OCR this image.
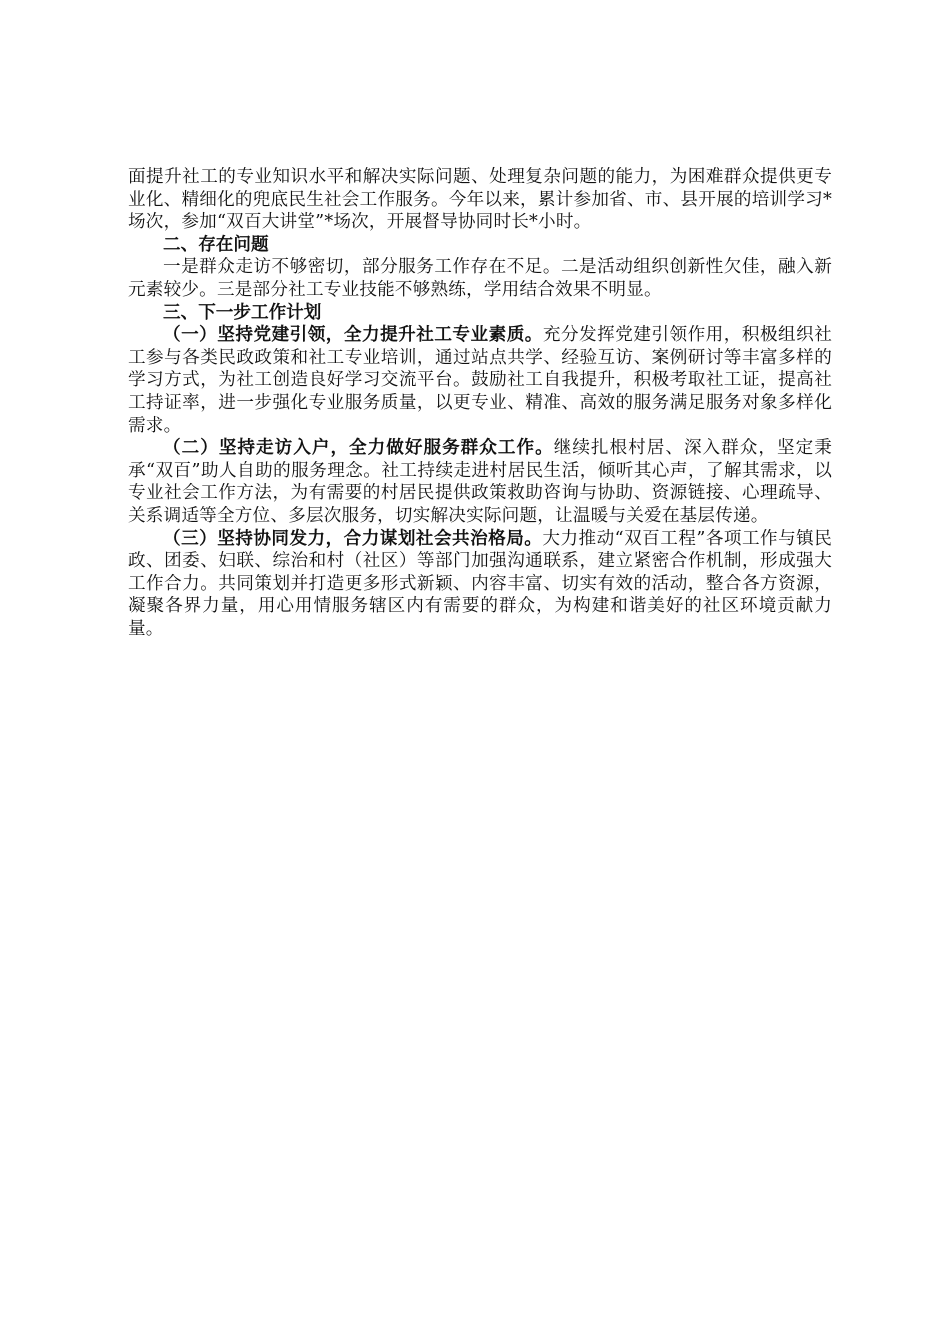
面提升社工的专业知识水平和解决实际问题、处理复杂问题的能力，为困难群众提供更专业化、精细化的兜底民生社会工作服务。今年以来，累计参加省、市、县开展的培训学习*场次，参加“双百大讲堂”*场次，开展督导协同时长*小时。

二、存在问题

一是群众走访不够密切，部分服务工作存在不足。二是活动组织创新性欠佳，融入新元素较少。三是部分社工专业技能不够熟练，学用结合效果不明显。

三、下一步工作计划

（一）坚持党建引领，全力提升社工专业素质。充分发挥党建引领作用，积极组织社工参与各类民政政策和社工专业培训，通过站点共学、经验互访、案例研讨等丰富多样的学习方式，为社工创造良好学习交流平台。鼓励社工自我提升，积极考取社工证，提高社工持证率，进一步强化专业服务质量，以更专业、精准、高效的服务满足服务对象多样化需求。

（二）坚持走访入户，全力做好服务群众工作。继续扎根村居、深入群众，坚定秉承“双百”助人自助的服务理念。社工持续走进村居民生活，倾听其心声，了解其需求，以专业社会工作方法，为有需要的村居民提供政策救助咨询与协助、资源链接、心理疏导、关系调适等全方位、多层次服务，切实解决实际问题，让温暖与关爱在基层传递。

（三）坚持协同发力，合力谋划社会共治格局。大力推动“双百工程”各项工作与镇民政、团委、妇联、综治和村（社区）等部门加强沟通联系，建立紧密合作机制，形成强大工作合力。共同策划并打造更多形式新颖、内容丰富、切实有效的活动，整合各方资源，凝聚各界力量，用心用情服务辖区内有需要的群众，为构建和谐美好的社区环境贡献力量。
